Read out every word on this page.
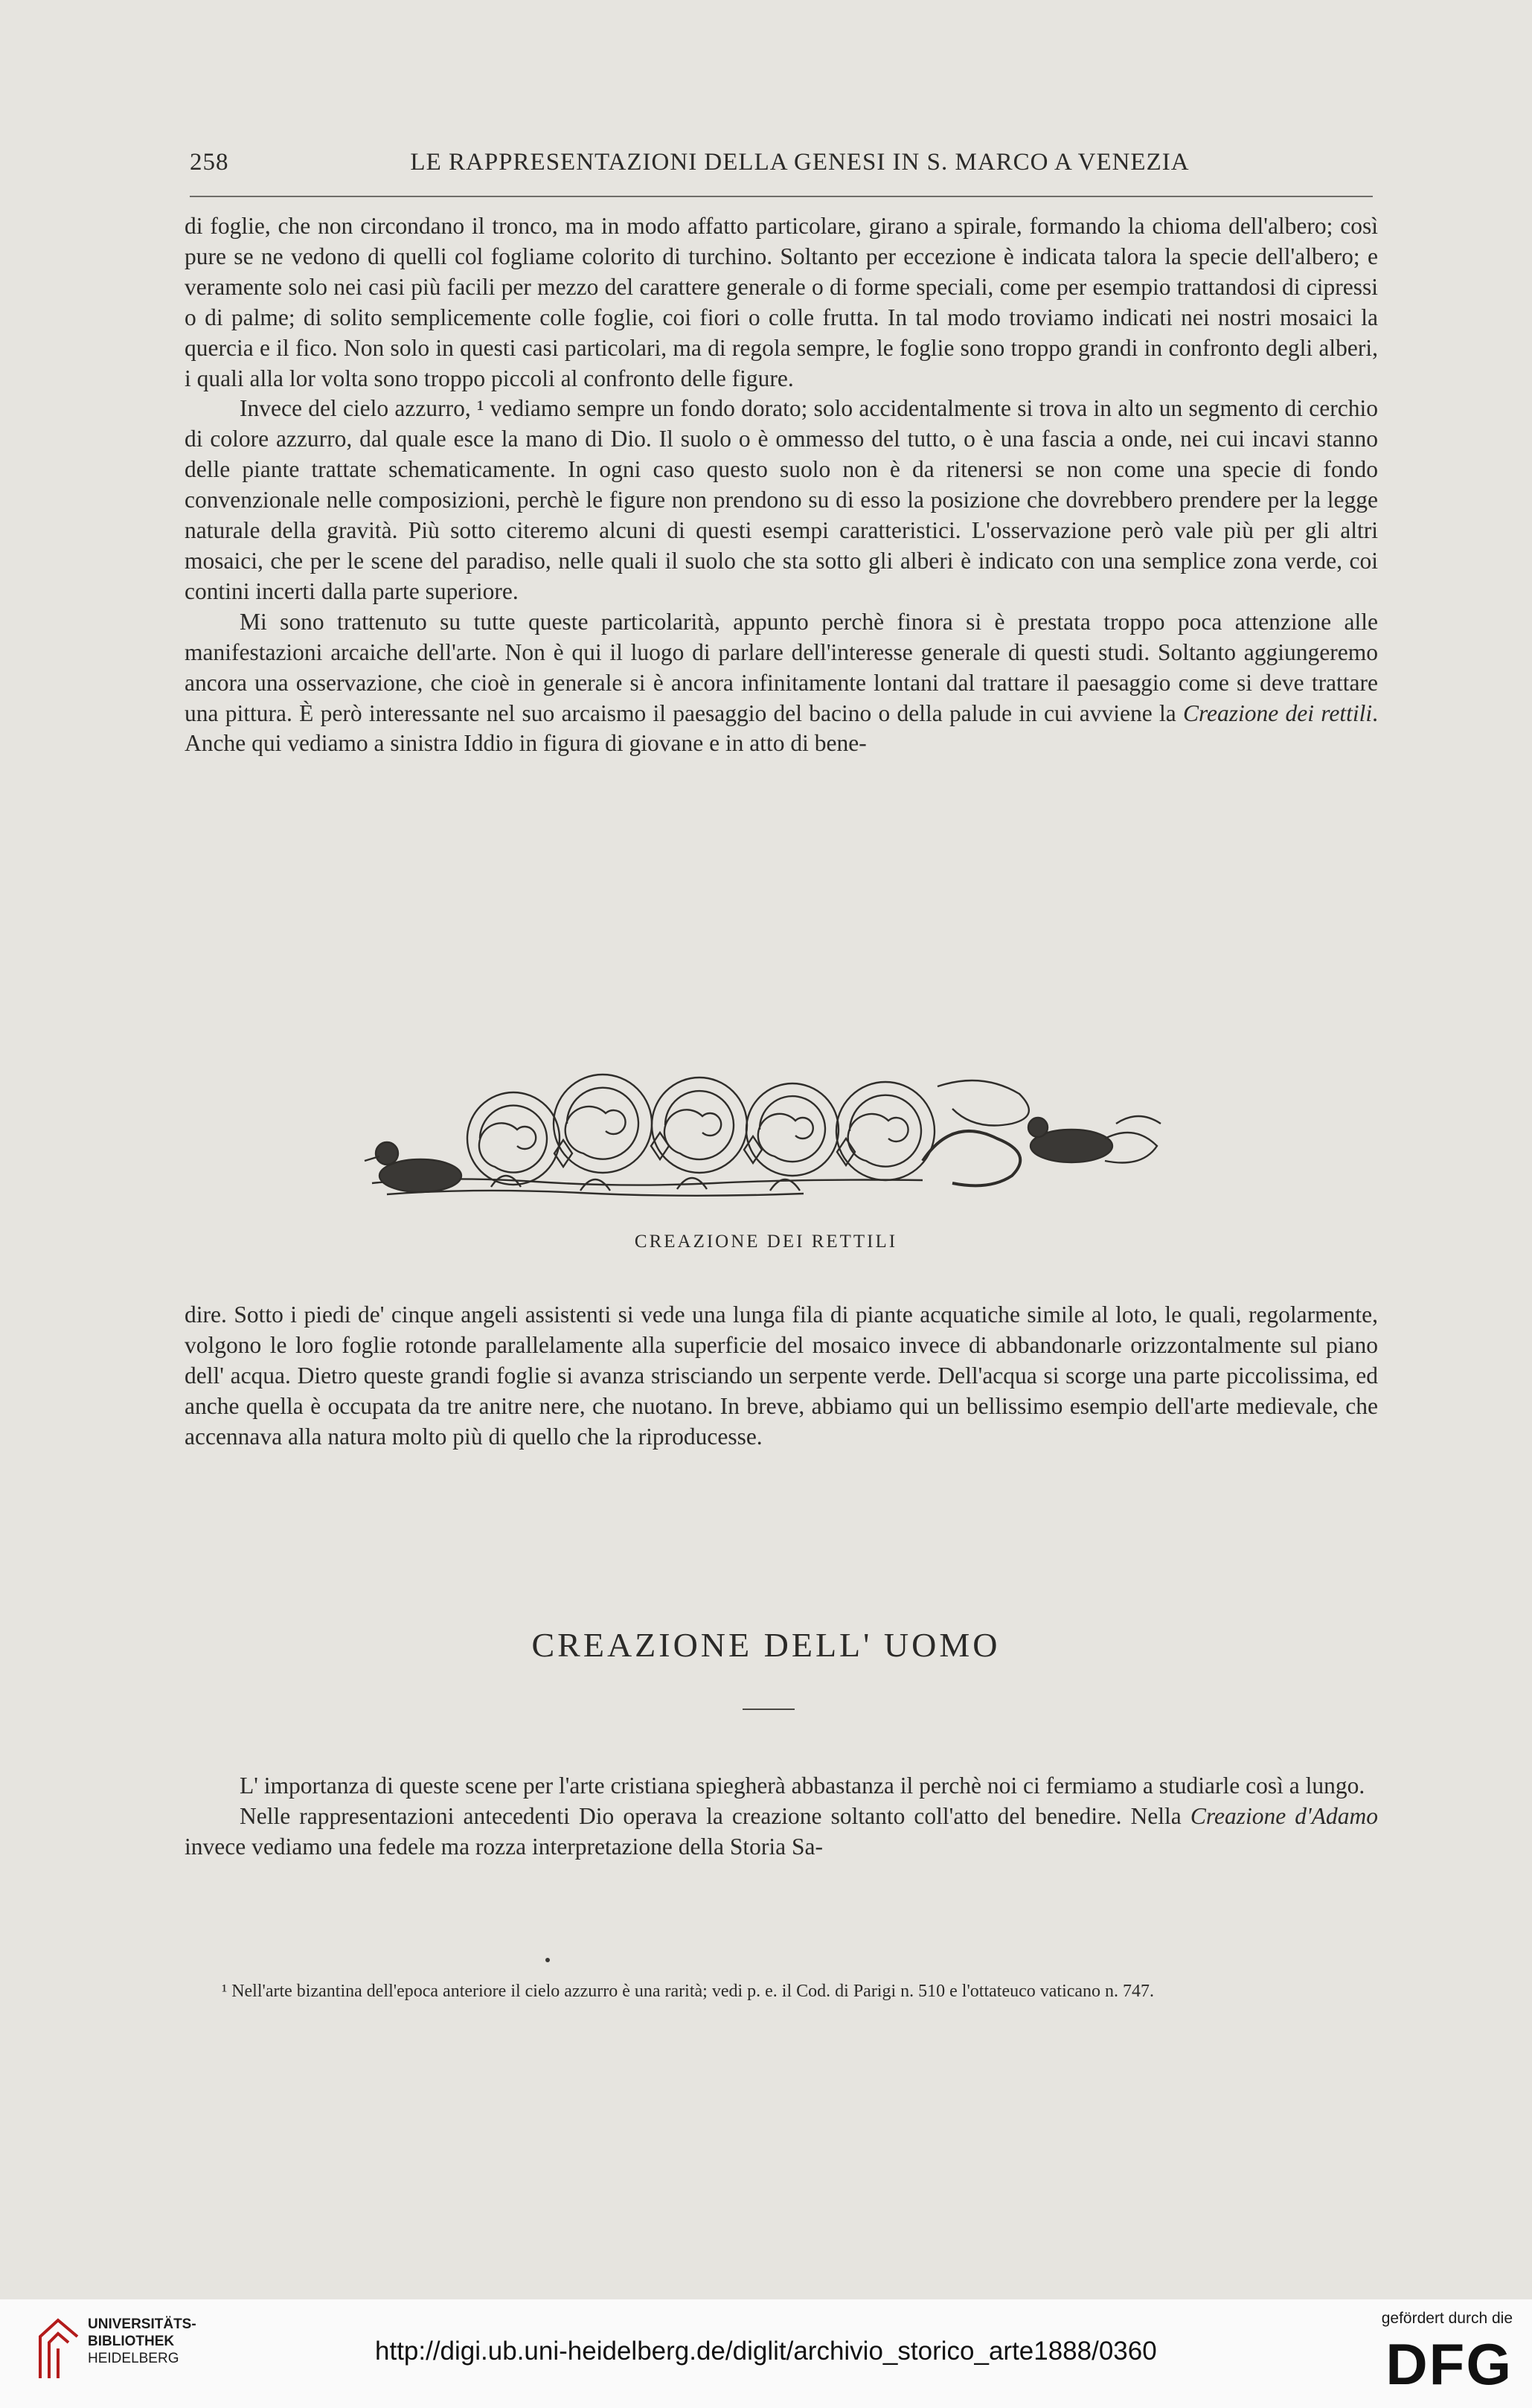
258	LE RAPPRESENTAZIONI DELLA GENESI IN S. MARCO A VENEZIA

di foglie, che non circondano il tronco, ma in modo affatto particolare, girano a spirale, formando la chioma dell'albero; così pure se ne vedono di quelli col fogliame colorito di turchino. Soltanto per eccezione è indicata talora la specie dell'albero; e veramente solo nei casi più facili per mezzo del carattere generale o di forme speciali, come per esempio trattandosi di cipressi o di palme; di solito semplicemente colle foglie, coi fiori o colle frutta. In tal modo troviamo indicati nei nostri mosaici la quercia e il fico. Non solo in questi casi particolari, ma di regola sempre, le foglie sono troppo grandi in confronto degli alberi, i quali alla lor volta sono troppo piccoli al confronto delle figure.

Invece del cielo azzurro, ¹ vediamo sempre un fondo dorato; solo accidentalmente si trova in alto un segmento di cerchio di colore azzurro, dal quale esce la mano di Dio. Il suolo o è ommesso del tutto, o è una fascia a onde, nei cui incavi stanno delle piante trattate schematicamente. In ogni caso questo suolo non è da ritenersi se non come una specie di fondo convenzionale nelle composizioni, perchè le figure non prendono su di esso la posizione che dovrebbero prendere per la legge naturale della gravità. Più sotto citeremo alcuni di questi esempi caratteristici. L'osservazione però vale più per gli altri mosaici, che per le scene del paradiso, nelle quali il suolo che sta sotto gli alberi è indicato con una semplice zona verde, coi contini incerti dalla parte superiore.

Mi sono trattenuto su tutte queste particolarità, appunto perchè finora si è prestata troppo poca attenzione alle manifestazioni arcaiche dell'arte. Non è qui il luogo di parlare dell'interesse generale di questi studi. Soltanto aggiungeremo ancora una osservazione, che cioè in generale si è ancora infinitamente lontani dal trattare il paesaggio come si deve trattare una pittura. È però interessante nel suo arcaismo il paesaggio del bacino o della palude in cui avviene la Creazione dei rettili. Anche qui vediamo a sinistra Iddio in figura di giovane e in atto di bene-

CREAZIONE DEI RETTILI

dire. Sotto i piedi de' cinque angeli assistenti si vede una lunga fila di piante acquatiche simile al loto, le quali, regolarmente, volgono le loro foglie rotonde parallelamente alla superficie del mosaico invece di abbandonarle orizzontalmente sul piano dell' acqua. Dietro queste grandi foglie si avanza strisciando un serpente verde. Dell'acqua si scorge una parte piccolissima, ed anche quella è occupata da tre anitre nere, che nuotano. In breve, abbiamo qui un bellissimo esempio dell'arte medievale, che accennava alla natura molto più di quello che la riproducesse.

CREAZIONE DELL' UOMO

L' importanza di queste scene per l'arte cristiana spiegherà abbastanza il perchè noi ci fermiamo a studiarle così a lungo.

Nelle rappresentazioni antecedenti Dio operava la creazione soltanto coll'atto del benedire. Nella Creazione d'Adamo invece vediamo una fedele ma rozza interpretazione della Storia Sa-

¹ Nell'arte bizantina dell'epoca anteriore il cielo azzurro è una rarità; vedi p. e. il Cod. di Parigi n. 510 e l'ottateuco vaticano n. 747.

UNIVERSITÄTS-
BIBLIOTHEK
HEIDELBERG	http://digi.ub.uni-heidelberg.de/diglit/archivio_storico_arte1888/0360
gefördert durch die
DFG
